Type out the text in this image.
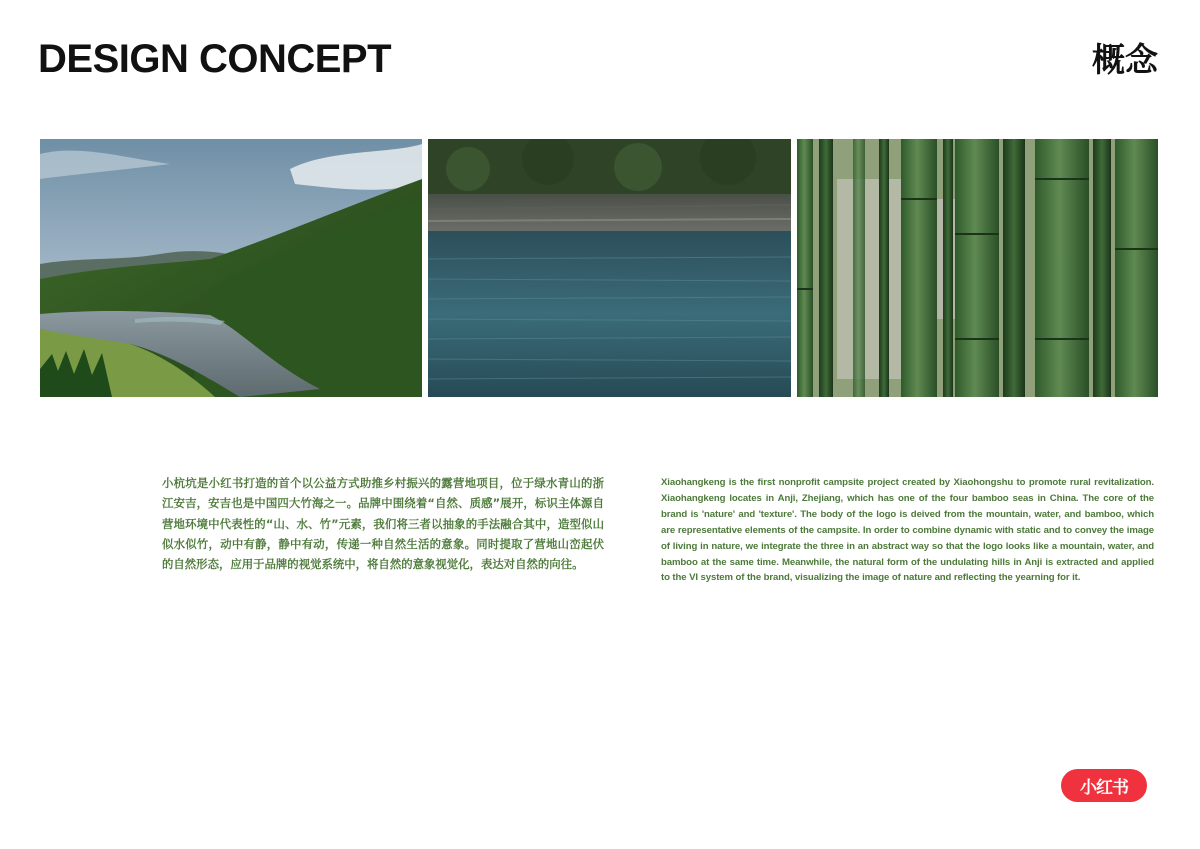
DESIGN CONCEPT	概念
小杭坑是小红书打造的首个以公益方式助推乡村振兴的露营地项目，位于绿水青山的浙江安吉，安吉也是中国四大竹海之一。品牌中围绕着“自然、质感”展开，标识主体源自营地环境中代表性的“山、水、竹”元素，我们将三者以抽象的手法融合其中，造型似山似水似竹，动中有静，静中有动，传递一种自然生活的意象。同时提取了营地山峦起伏的自然形态，应用于品牌的视觉系统中，将自然的意象视觉化，表达对自然的向往。
Xiaohangkeng is the first nonprofit campsite project created by Xiaohongshu to promote rural revitalization. Xiaohangkeng locates in Anji, Zhejiang, which has one of the four bamboo seas in China. The core of the brand is 'nature' and 'texture'. The body of the logo is deived from the mountain, water, and bamboo, which are representative elements of the campsite. In order to combine dynamic with static and to convey the image of living in nature, we integrate the three in an abstract way so that the logo looks like a mountain, water, and bamboo at the same time. Meanwhile, the natural form of the undulating hills in Anji is extracted and applied to the VI system of the brand, visualizing the image of nature and reflecting the yearning for it.
小红书
